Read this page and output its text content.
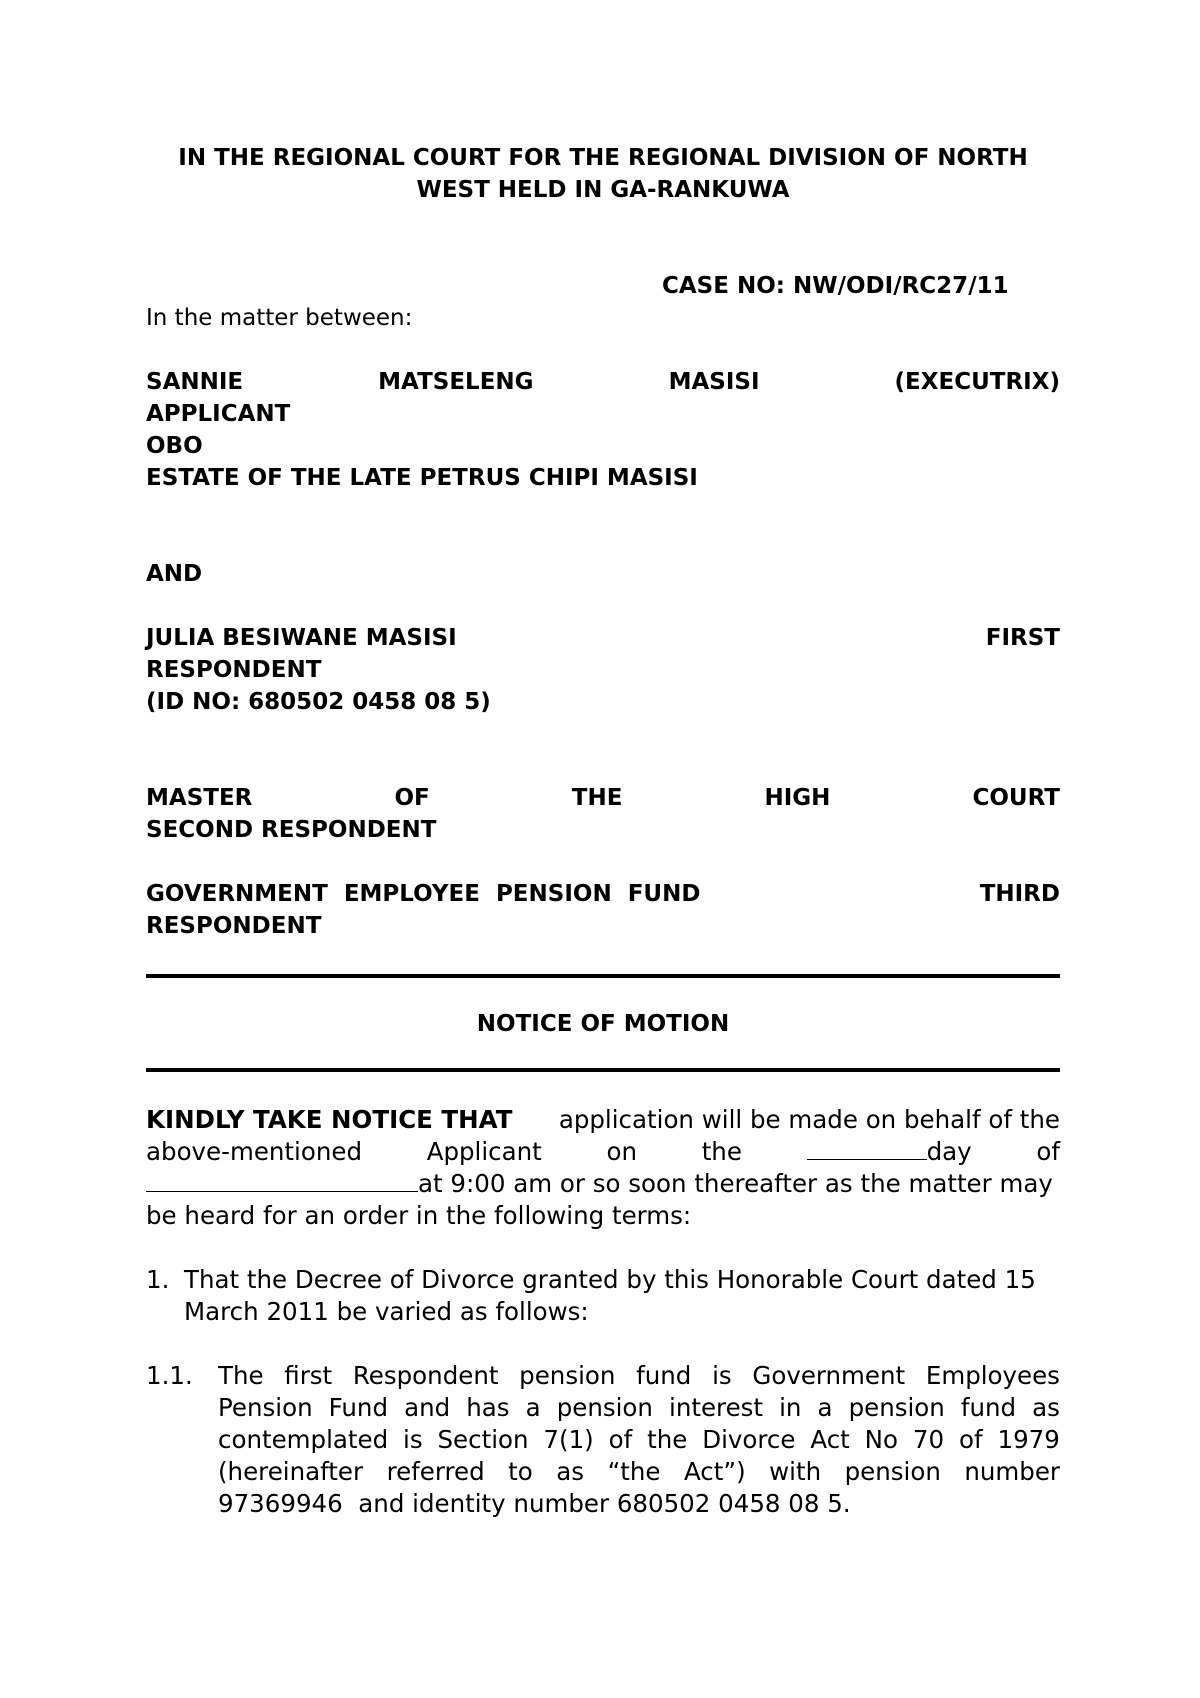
IN THE REGIONAL COURT FOR THE REGIONAL DIVISION OF NORTH

WEST HELD IN GA-RANKUWA

CASE NO: NW/ODI/RC27/11

In the matter between:

SANNIE	MATSELENG	MASISI	(EXECUTRIX)

APPLICANT

OBO

ESTATE OF THE LATE PETRUS CHIPI MASISI

AND

JULIA BESIWANE MASISI	FIRST

RESPONDENT

(ID NO: 680502 0458 08 5)

MASTER	OF	THE	HIGH	COURT

SECOND RESPONDENT

GOVERNMENT  EMPLOYEE  PENSION  FUND	THIRD

RESPONDENT

NOTICE OF MOTION

KINDLY TAKE NOTICE THAT application will be made on behalf of the
above-mentioned	Applicant	on	the	day	of
at 9:00 am or so soon thereafter as the matter may

be heard for an order in the following terms:

1. That the Decree of Divorce granted by this Honorable Court dated 15
March 2011 be varied as follows:
1.1. The first Respondent pension fund is Government Employees
Pension Fund and has a pension interest in a pension fund as
contemplated is Section 7(1) of the Divorce Act No 70 of 1979
(hereinafter referred to as “the Act”) with pension number
97369946  and identity number 680502 0458 08 5.
